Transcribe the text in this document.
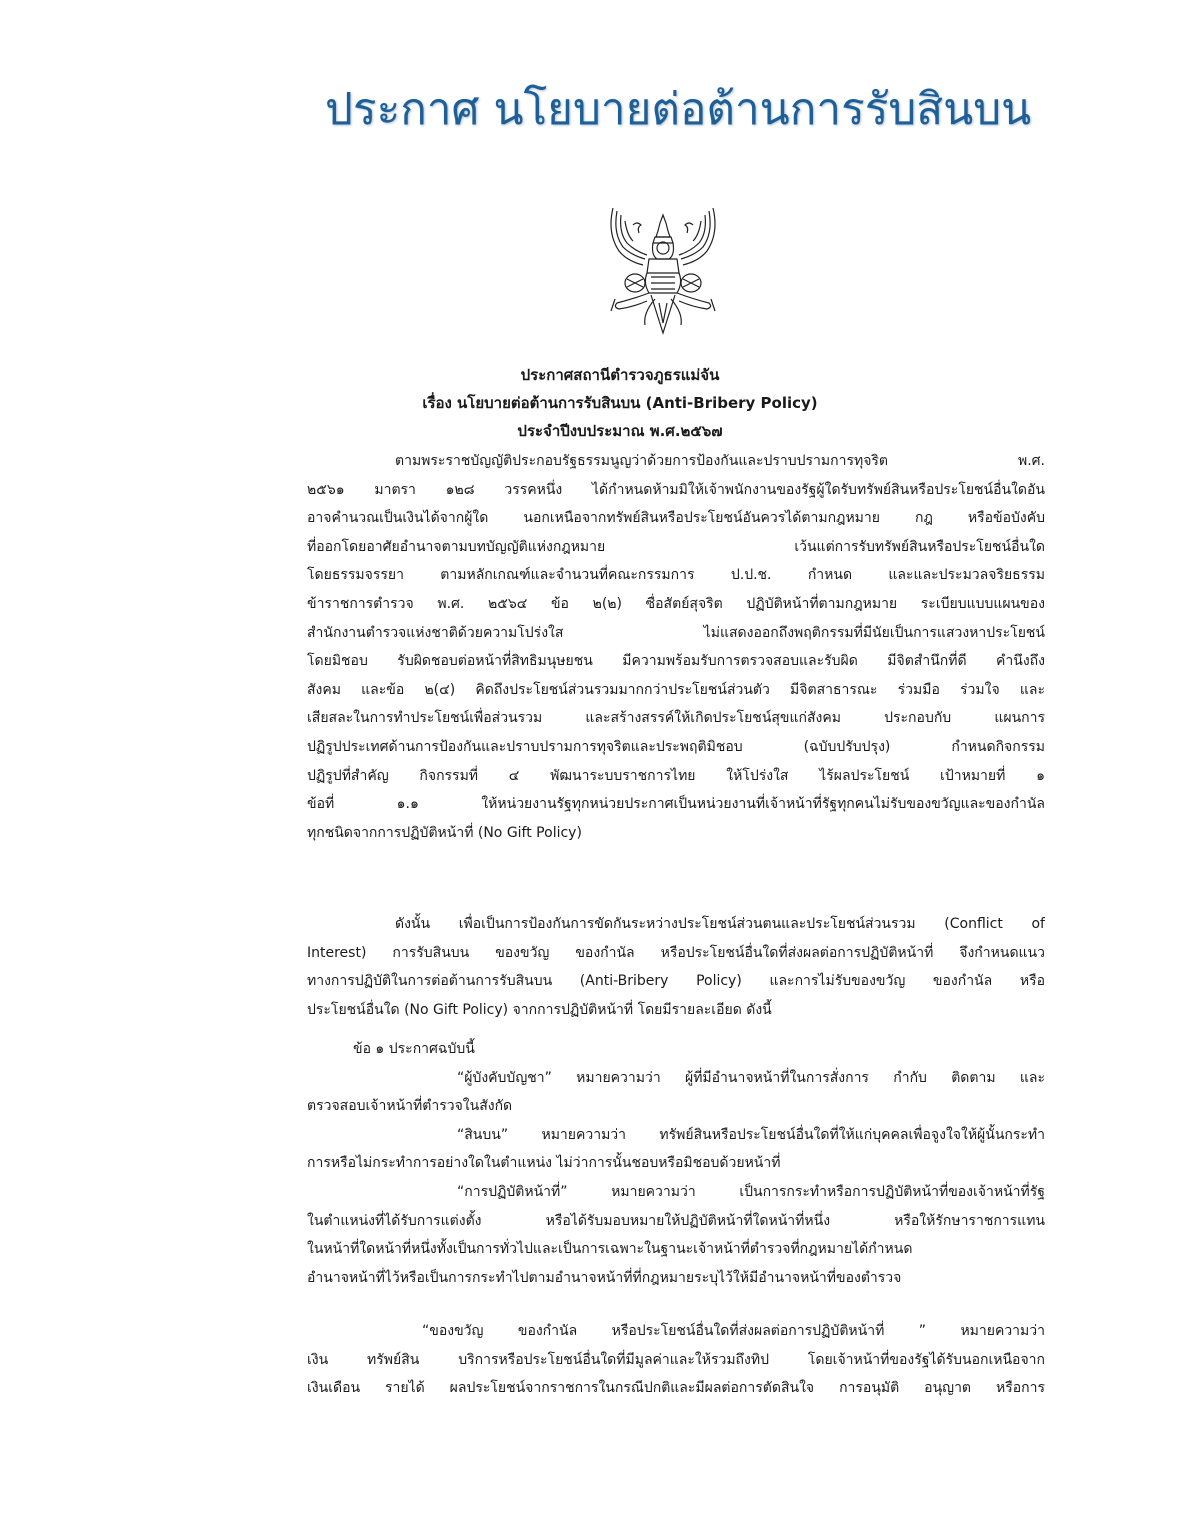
ประกาศ นโยบายต่อต้านการรับสินบน
ประกาศสถานีตำรวจภูธรแม่จัน
เรื่อง นโยบายต่อต้านการรับสินบน (Anti-Bribery Policy)
ประจำปีงบประมาณ พ.ศ.๒๕๖๗
ตามพระราชบัญญัติประกอบรัฐธรรมนูญว่าด้วยการป้องกันและปราบปรามการทุจริต พ.ศ.
๒๕๖๑ มาตรา ๑๒๘ วรรคหนึ่ง ได้กำหนดห้ามมิให้เจ้าพนักงานของรัฐผู้ใดรับทรัพย์สินหรือประโยชน์อื่นใดอัน
อาจคำนวณเป็นเงินได้จากผู้ใด นอกเหนือจากทรัพย์สินหรือประโยชน์อันควรได้ตามกฎหมาย กฎ หรือข้อบังคับ
ที่ออกโดยอาศัยอำนาจตามบทบัญญัติแห่งกฎหมาย เว้นแต่การรับทรัพย์สินหรือประโยชน์อื่นใด
โดยธรรมจรรยา ตามหลักเกณฑ์และจำนวนที่คณะกรรมการ ป.ป.ช. กำหนด และและประมวลจริยธรรม
ข้าราชการตำรวจ พ.ศ. ๒๕๖๔ ข้อ ๒(๒) ซื่อสัตย์สุจริต ปฏิบัติหน้าที่ตามกฎหมาย ระเบียบแบบแผนของ
สำนักงานตำรวจแห่งชาติด้วยความโปร่งใส ไม่แสดงออกถึงพฤติกรรมที่มีนัยเป็นการแสวงหาประโยชน์
โดยมิชอบ รับผิดชอบต่อหน้าที่สิทธิมนุษยชน มีความพร้อมรับการตรวจสอบและรับผิด มีจิตสำนึกที่ดี คำนึงถึง
สังคม และข้อ ๒(๔) คิดถึงประโยชน์ส่วนรวมมากกว่าประโยชน์ส่วนตัว มีจิตสาธารณะ ร่วมมือ ร่วมใจ และ
เสียสละในการทำประโยชน์เพื่อส่วนรวม และสร้างสรรค์ให้เกิดประโยชน์สุขแก่สังคม ประกอบกับ แผนการ
ปฏิรูปประเทศด้านการป้องกันและปราบปรามการทุจริตและประพฤติมิชอบ (ฉบับปรับปรุง) กำหนดกิจกรรม
ปฏิรูปที่สำคัญ กิจกรรมที่ ๔ พัฒนาระบบราชการไทย ให้โปร่งใส ไร้ผลประโยชน์ เป้าหมายที่ ๑
ข้อที่ ๑.๑ ให้หน่วยงานรัฐทุกหน่วยประกาศเป็นหน่วยงานที่เจ้าหน้าที่รัฐทุกคนไม่รับของขวัญและของกำนัล
ทุกชนิดจากการปฏิบัติหน้าที่ (No Gift Policy)
ดังนั้น เพื่อเป็นการป้องกันการขัดกันระหว่างประโยชน์ส่วนตนและประโยชน์ส่วนรวม (Conflict of
Interest) การรับสินบน ของขวัญ ของกำนัล หรือประโยชน์อื่นใดที่ส่งผลต่อการปฏิบัติหน้าที่ จึงกำหนดแนว
ทางการปฏิบัติในการต่อต้านการรับสินบน (Anti-Bribery Policy) และการไม่รับของขวัญ ของกำนัล หรือ
ประโยชน์อื่นใด (No Gift Policy) จากการปฏิบัติหน้าที่ โดยมีรายละเอียด ดังนี้
ข้อ ๑ ประกาศฉบับนี้
“ผู้บังคับบัญชา” หมายความว่า ผู้ที่มีอำนาจหน้าที่ในการสั่งการ กำกับ ติดตาม และ
ตรวจสอบเจ้าหน้าที่ตำรวจในสังกัด
“สินบน” หมายความว่า ทรัพย์สินหรือประโยชน์อื่นใดที่ให้แก่บุคคลเพื่อจูงใจให้ผู้นั้นกระทำ
การหรือไม่กระทำการอย่างใดในตำแหน่ง ไม่ว่าการนั้นชอบหรือมิชอบด้วยหน้าที่
“การปฏิบัติหน้าที่” หมายความว่า เป็นการกระทำหรือการปฏิบัติหน้าที่ของเจ้าหน้าที่รัฐ
ในตำแหน่งที่ได้รับการแต่งตั้ง หรือได้รับมอบหมายให้ปฏิบัติหน้าที่ใดหน้าที่หนึ่ง หรือให้รักษาราชการแทน
ในหน้าที่ใดหน้าที่หนึ่งทั้งเป็นการทั่วไปและเป็นการเฉพาะในฐานะเจ้าหน้าที่ตำรวจที่กฎหมายได้กำหนด
อำนาจหน้าที่ไว้หรือเป็นการกระทำไปตามอำนาจหน้าที่ที่กฎหมายระบุไว้ให้มีอำนาจหน้าที่ของตำรวจ
“ของขวัญ ของกำนัล หรือประโยชน์อื่นใดที่ส่งผลต่อการปฏิบัติหน้าที่ ” หมายความว่า
เงิน ทรัพย์สิน บริการหรือประโยชน์อื่นใดที่มีมูลค่าและให้รวมถึงทิป โดยเจ้าหน้าที่ของรัฐได้รับนอกเหนือจาก
เงินเดือน รายได้ ผลประโยชน์จากราชการในกรณีปกติและมีผลต่อการตัดสินใจ การอนุมัติ อนุญาต หรือการ
